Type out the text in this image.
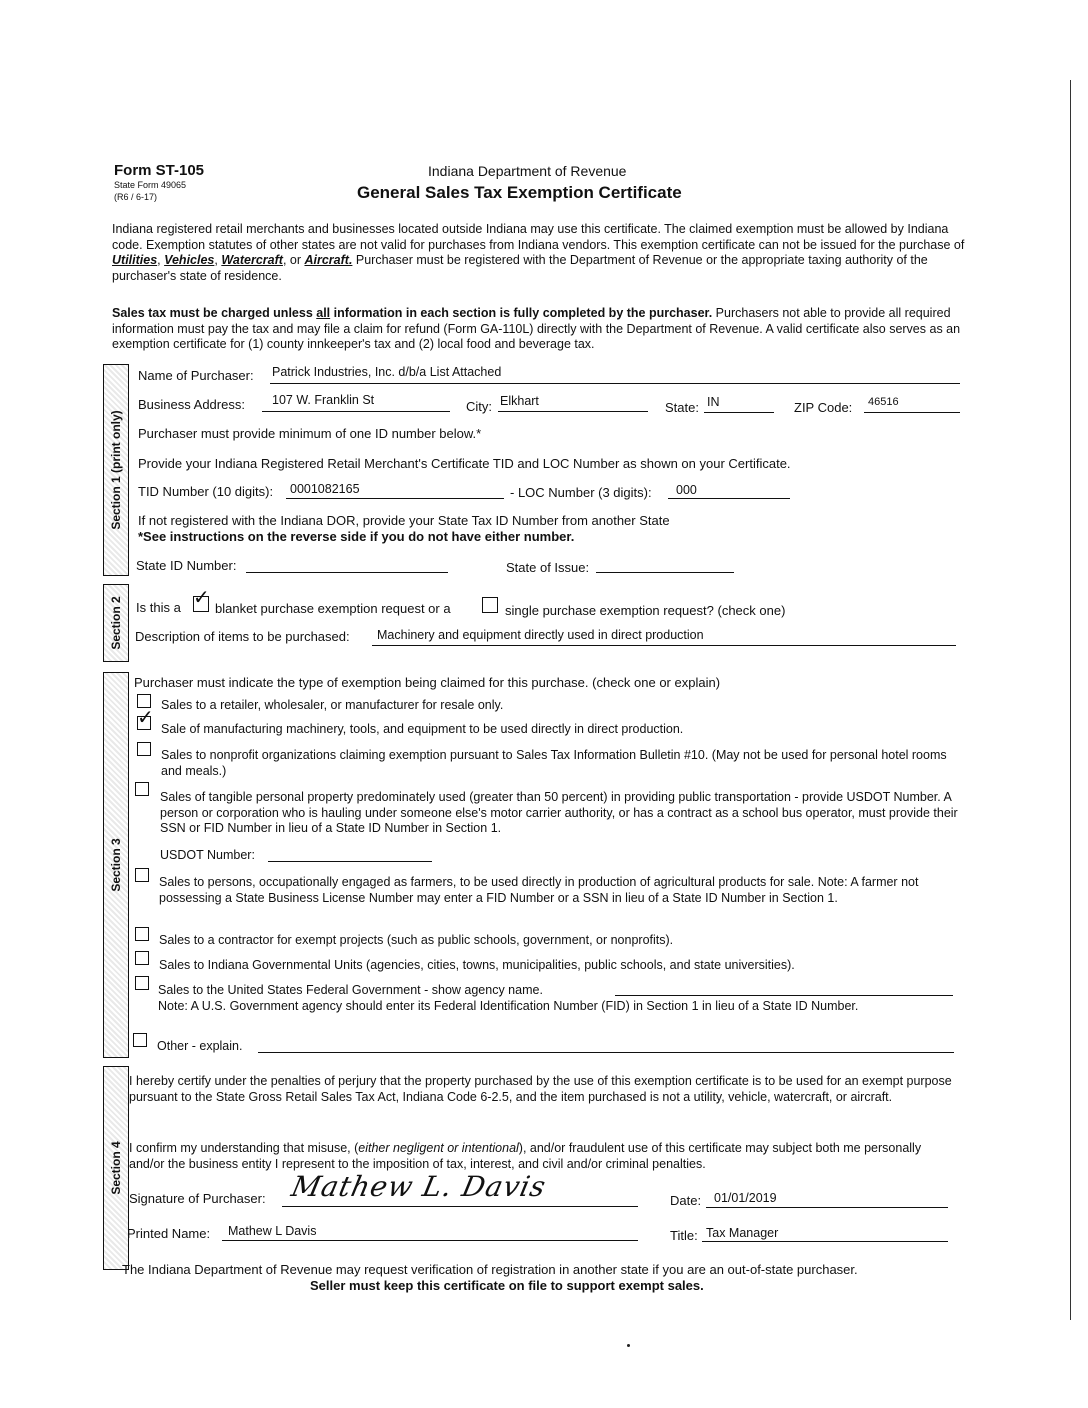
Form ST-105
State Form 49065
(R6 / 6-17)
Indiana Department of Revenue
General Sales Tax Exemption Certificate
Indiana registered retail merchants and businesses located outside Indiana may use this certificate. The claimed exemption must be allowed by Indiana code. Exemption statutes of other states are not valid for purchases from Indiana vendors. This exemption certificate can not be issued for the purchase of Utilities, Vehicles, Watercraft, or Aircraft. Purchaser must be registered with the Department of Revenue or the appropriate taxing authority of the purchaser's state of residence.
Sales tax must be charged unless all information in each section is fully completed by the purchaser. Purchasers not able to provide all required information must pay the tax and may file a claim for refund (Form GA-110L) directly with the Department of Revenue. A valid certificate also serves as an exemption certificate for (1) county innkeeper's tax and (2) local food and beverage tax.
Section 1 (print only)
Section 2
Section 3
Section 4
Name of Purchaser: Patrick Industries, Inc. d/b/a List Attached
Business Address: 107 W. Franklin St	City: Elkhart	State: IN	ZIP Code: 46516
Purchaser must provide minimum of one ID number below.*
Provide your Indiana Registered Retail Merchant's Certificate TID and LOC Number as shown on your Certificate.
TID Number (10 digits): 0001082165	- LOC Number (3 digits): 000
If not registered with the Indiana DOR, provide your State Tax ID Number from another State
*See instructions on the reverse side if you do not have either number.
State ID Number:	State of Issue:
Is this a ✓ blanket purchase exemption request or a	single purchase exemption request? (check one)
Description of items to be purchased: Machinery and equipment directly used in direct production
Purchaser must indicate the type of exemption being claimed for this purchase. (check one or explain)
Sales to a retailer, wholesaler, or manufacturer for resale only.
✓ Sale of manufacturing machinery, tools, and equipment to be used directly in direct production.
Sales to nonprofit organizations claiming exemption pursuant to Sales Tax Information Bulletin #10. (May not be used for personal hotel rooms and meals.)
Sales of tangible personal property predominately used (greater than 50 percent) in providing public transportation - provide USDOT Number. A person or corporation who is hauling under someone else's motor carrier authority, or has a contract as a school bus operator, must provide their SSN or FID Number in lieu of a State ID Number in Section 1.
USDOT Number:
Sales to persons, occupationally engaged as farmers, to be used directly in production of agricultural products for sale. Note: A farmer not possessing a State Business License Number may enter a FID Number or a SSN in lieu of a State ID Number in Section 1.
Sales to a contractor for exempt projects (such as public schools, government, or nonprofits).
Sales to Indiana Governmental Units (agencies, cities, towns, municipalities, public schools, and state universities).
Sales to the United States Federal Government - show agency name.
Note: A U.S. Government agency should enter its Federal Identification Number (FID) in Section 1 in lieu of a State ID Number.
Other - explain.
I hereby certify under the penalties of perjury that the property purchased by the use of this exemption certificate is to be used for an exempt purpose pursuant to the State Gross Retail Sales Tax Act, Indiana Code 6-2.5, and the item purchased is not a utility, vehicle, watercraft, or aircraft.
I confirm my understanding that misuse, (either negligent or intentional), and/or fraudulent use of this certificate may subject both me personally and/or the business entity I represent to the imposition of tax, interest, and civil and/or criminal penalties.
Signature of Purchaser: Mathew L. Davis	Date: 01/01/2019
Printed Name: Mathew L Davis	Title: Tax Manager
The Indiana Department of Revenue may request verification of registration in another state if you are an out-of-state purchaser.
Seller must keep this certificate on file to support exempt sales.
